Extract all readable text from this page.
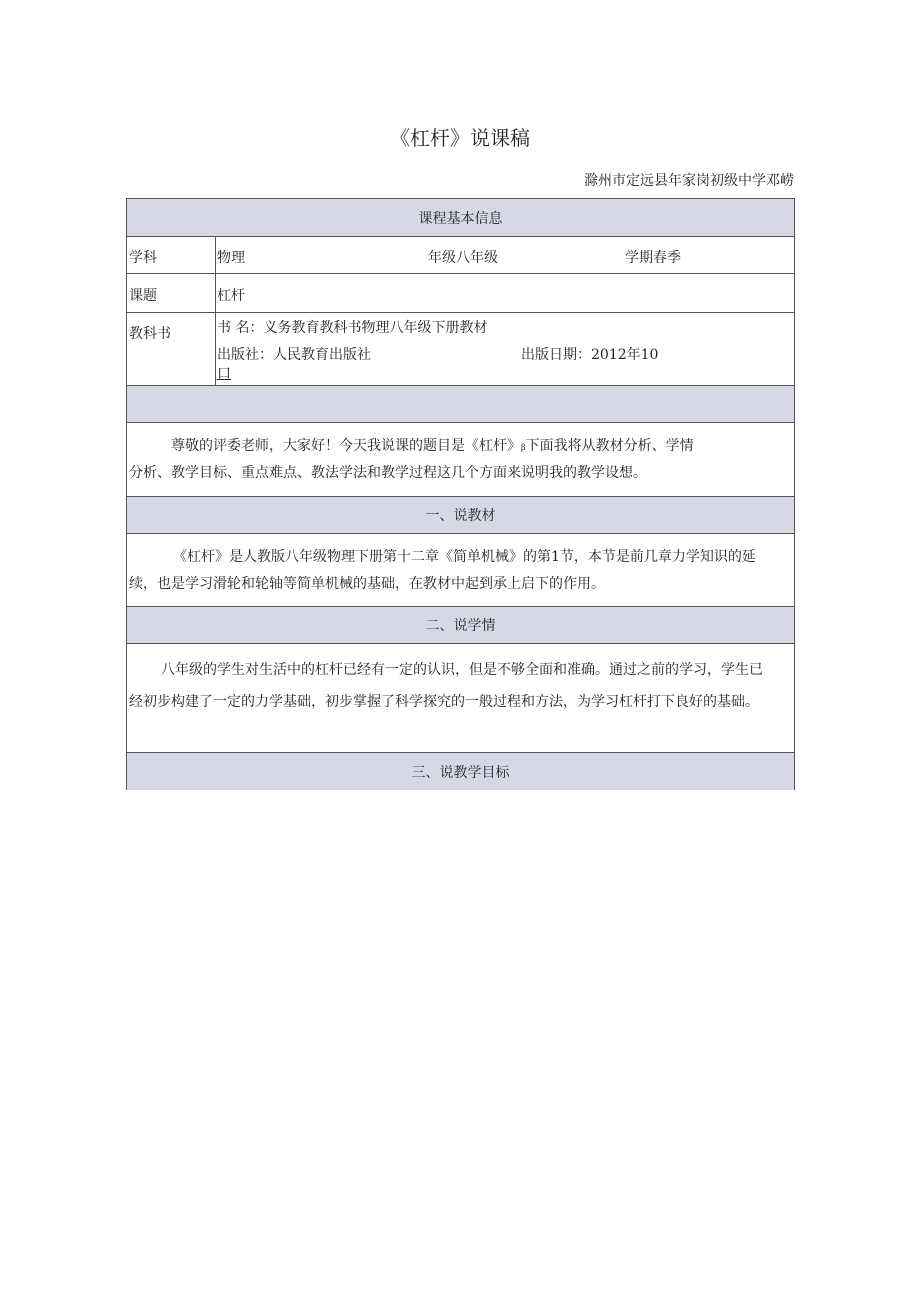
《杠杆》说课稿
滁州市定远县年家岗初级中学邓崂
课程基本信息
学科	物理	年级八年级	学期春季
课题	杠杆
教科书	书 名：义务教育教科书物理八年级下册教材
出版社：人民教育出版社	出版日期：2012年10
口
尊敬的评委老师，大家好！今天我说课的题目是《杠杆》β下面我将从教材分析、学情
分析、教学目标、重点难点、教法学法和教学过程这几个方面来说明我的教学设想。
一、说教材
《杠杆》是人教版八年级物理下册第十二章《简单机械》的第1节，本节是前几章力学知识的延续，也是学习滑轮和轮轴等简单机械的基础，在教材中起到承上启下的作用。
二、说学情
八年级的学生对生活中的杠杆已经有一定的认识，但是不够全面和准确。通过之前的学习，学生已经初步构建了一定的力学基础，初步掌握了科学探究的一般过程和方法，为学习杠杆打下良好的基础。
三、说教学目标
